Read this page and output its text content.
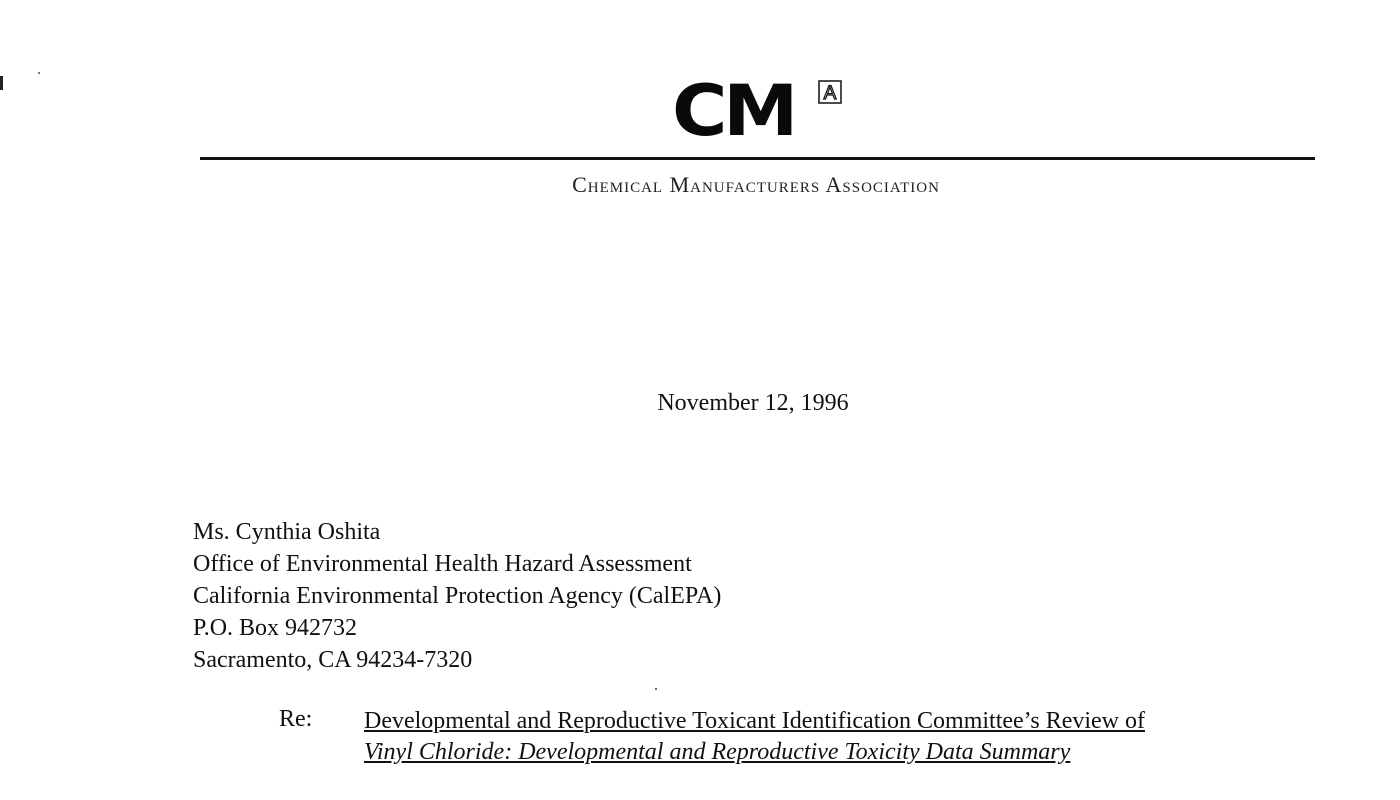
CM A
Chemical Manufacturers Association
November 12, 1996
Ms. Cynthia Oshita
Office of Environmental Health Hazard Assessment
California Environmental Protection Agency (CalEPA)
P.O. Box 942732
Sacramento, CA 94234-7320
Re: Developmental and Reproductive Toxicant Identification Committee’s Review of
Vinyl Chloride: Developmental and Reproductive Toxicity Data Summary
